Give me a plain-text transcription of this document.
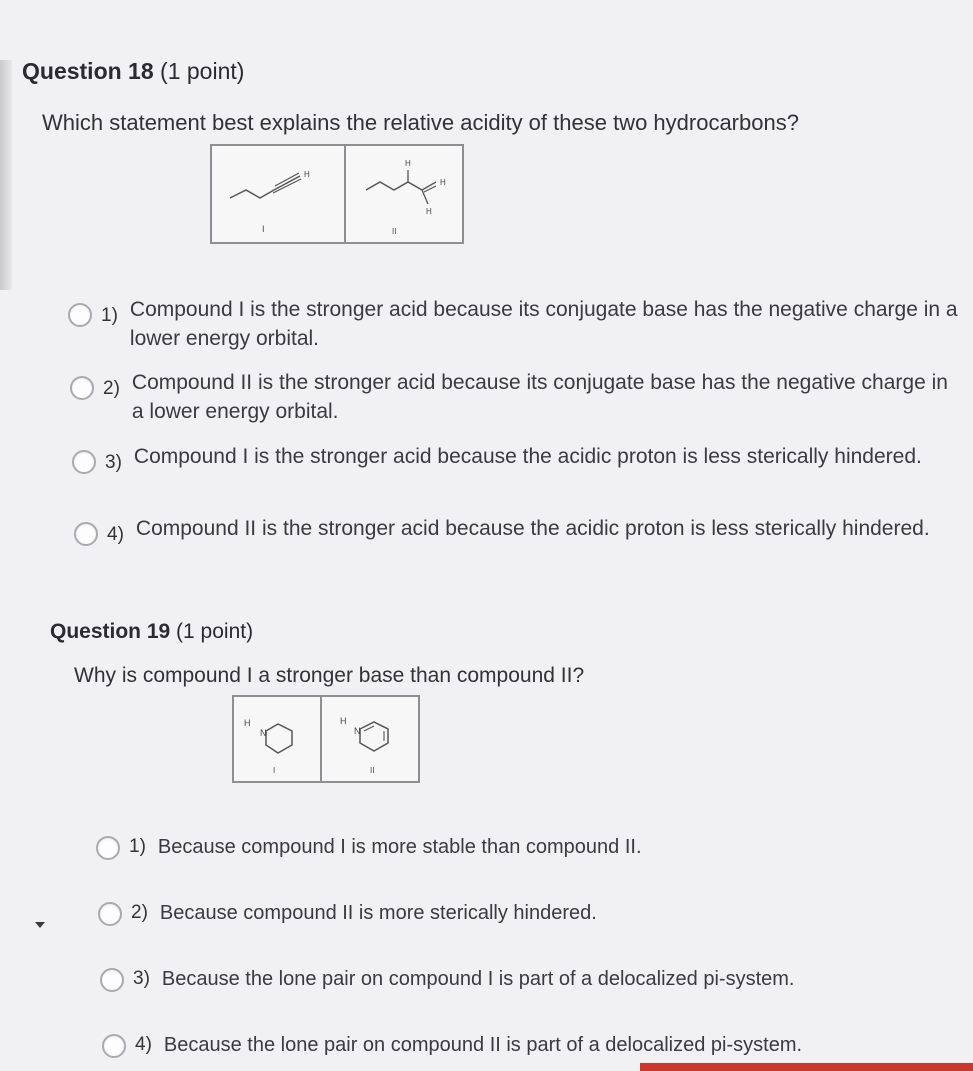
Question 18 (1 point)
Which statement best explains the relative acidity of these two hydrocarbons?
H
I
H
H
H
II
1) Compound I is the stronger acid because its conjugate base has the negative charge in a lower energy orbital.
2) Compound II is the stronger acid because its conjugate base has the negative charge in a lower energy orbital.
3) Compound I is the stronger acid because the acidic proton is less sterically hindered.
4) Compound II is the stronger acid because the acidic proton is less sterically hindered.
Question 19 (1 point)
Why is compound I a stronger base than compound II?
H
N
I
H
N
II
1) Because compound I is more stable than compound II.
2) Because compound II is more sterically hindered.
3) Because the lone pair on compound I is part of a delocalized pi-system.
4) Because the lone pair on compound II is part of a delocalized pi-system.
